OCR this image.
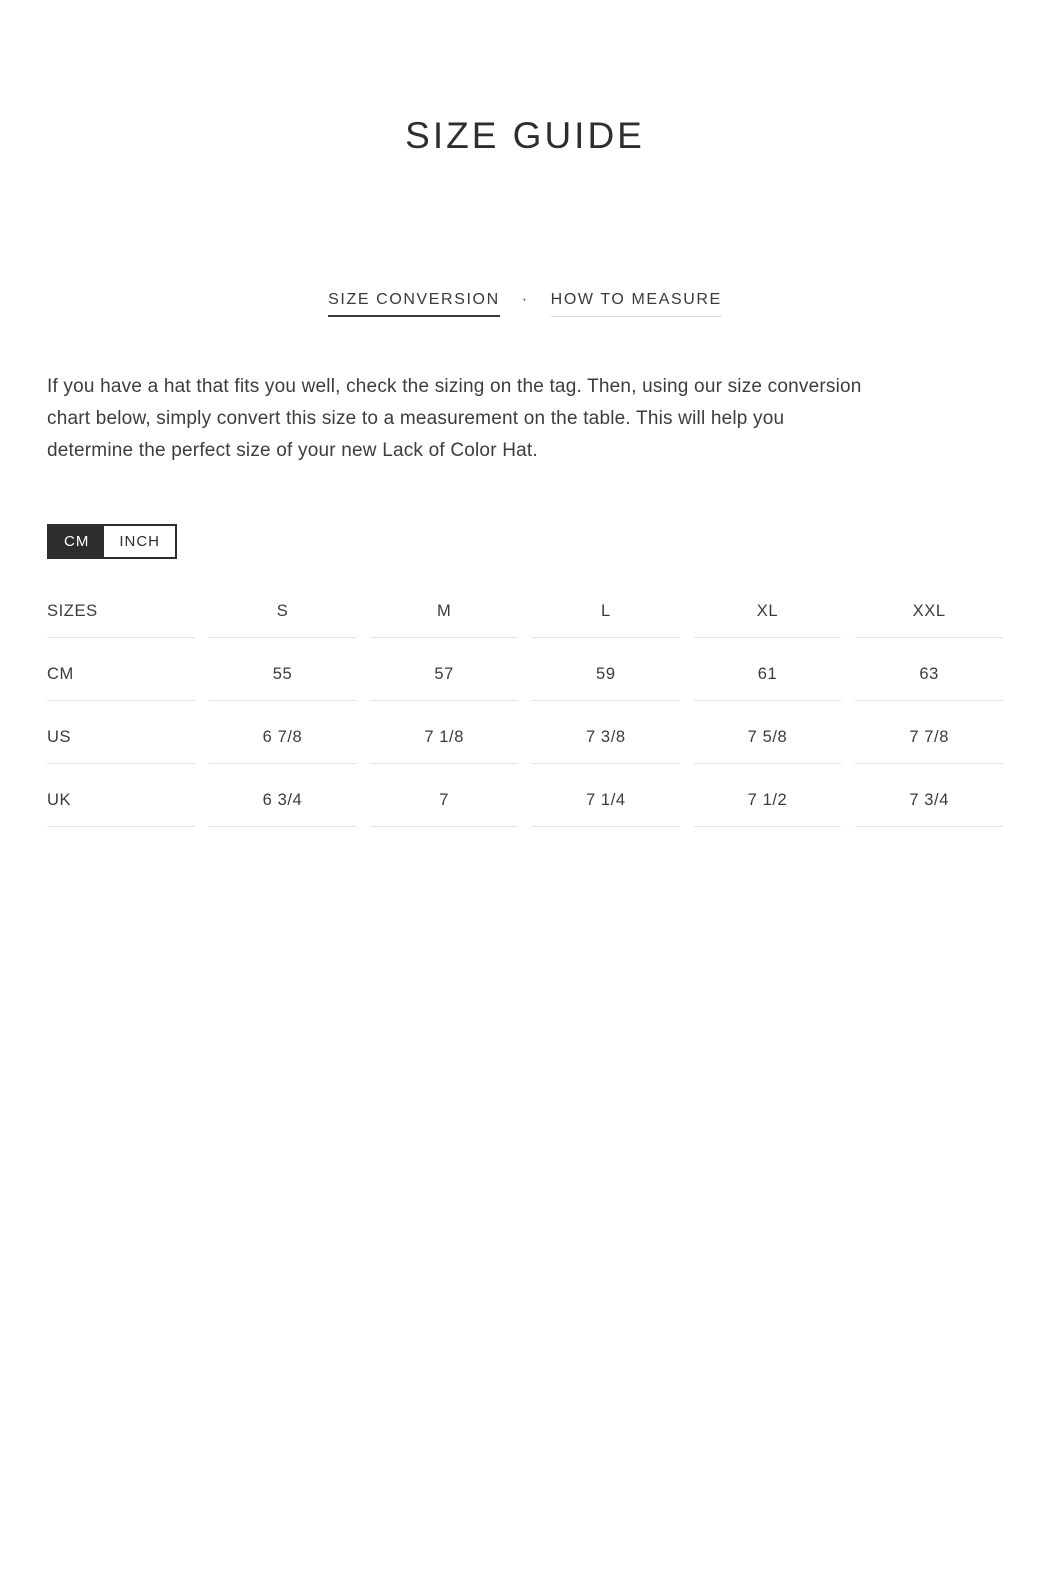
SIZE GUIDE
SIZE CONVERSION · HOW TO MEASURE
If you have a hat that fits you well, check the sizing on the tag. Then, using our size conversion
chart below, simply convert this size to a measurement on the table. This will help you
determine the perfect size of your new Lack of Color Hat.
CM	INCH
SIZES	S	M	L	XL	XXL
CM	55	57	59	61	63
US	6 7/8	7 1/8	7 3/8	7 5/8	7 7/8
UK	6 3/4	7	7 1/4	7 1/2	7 3/4
